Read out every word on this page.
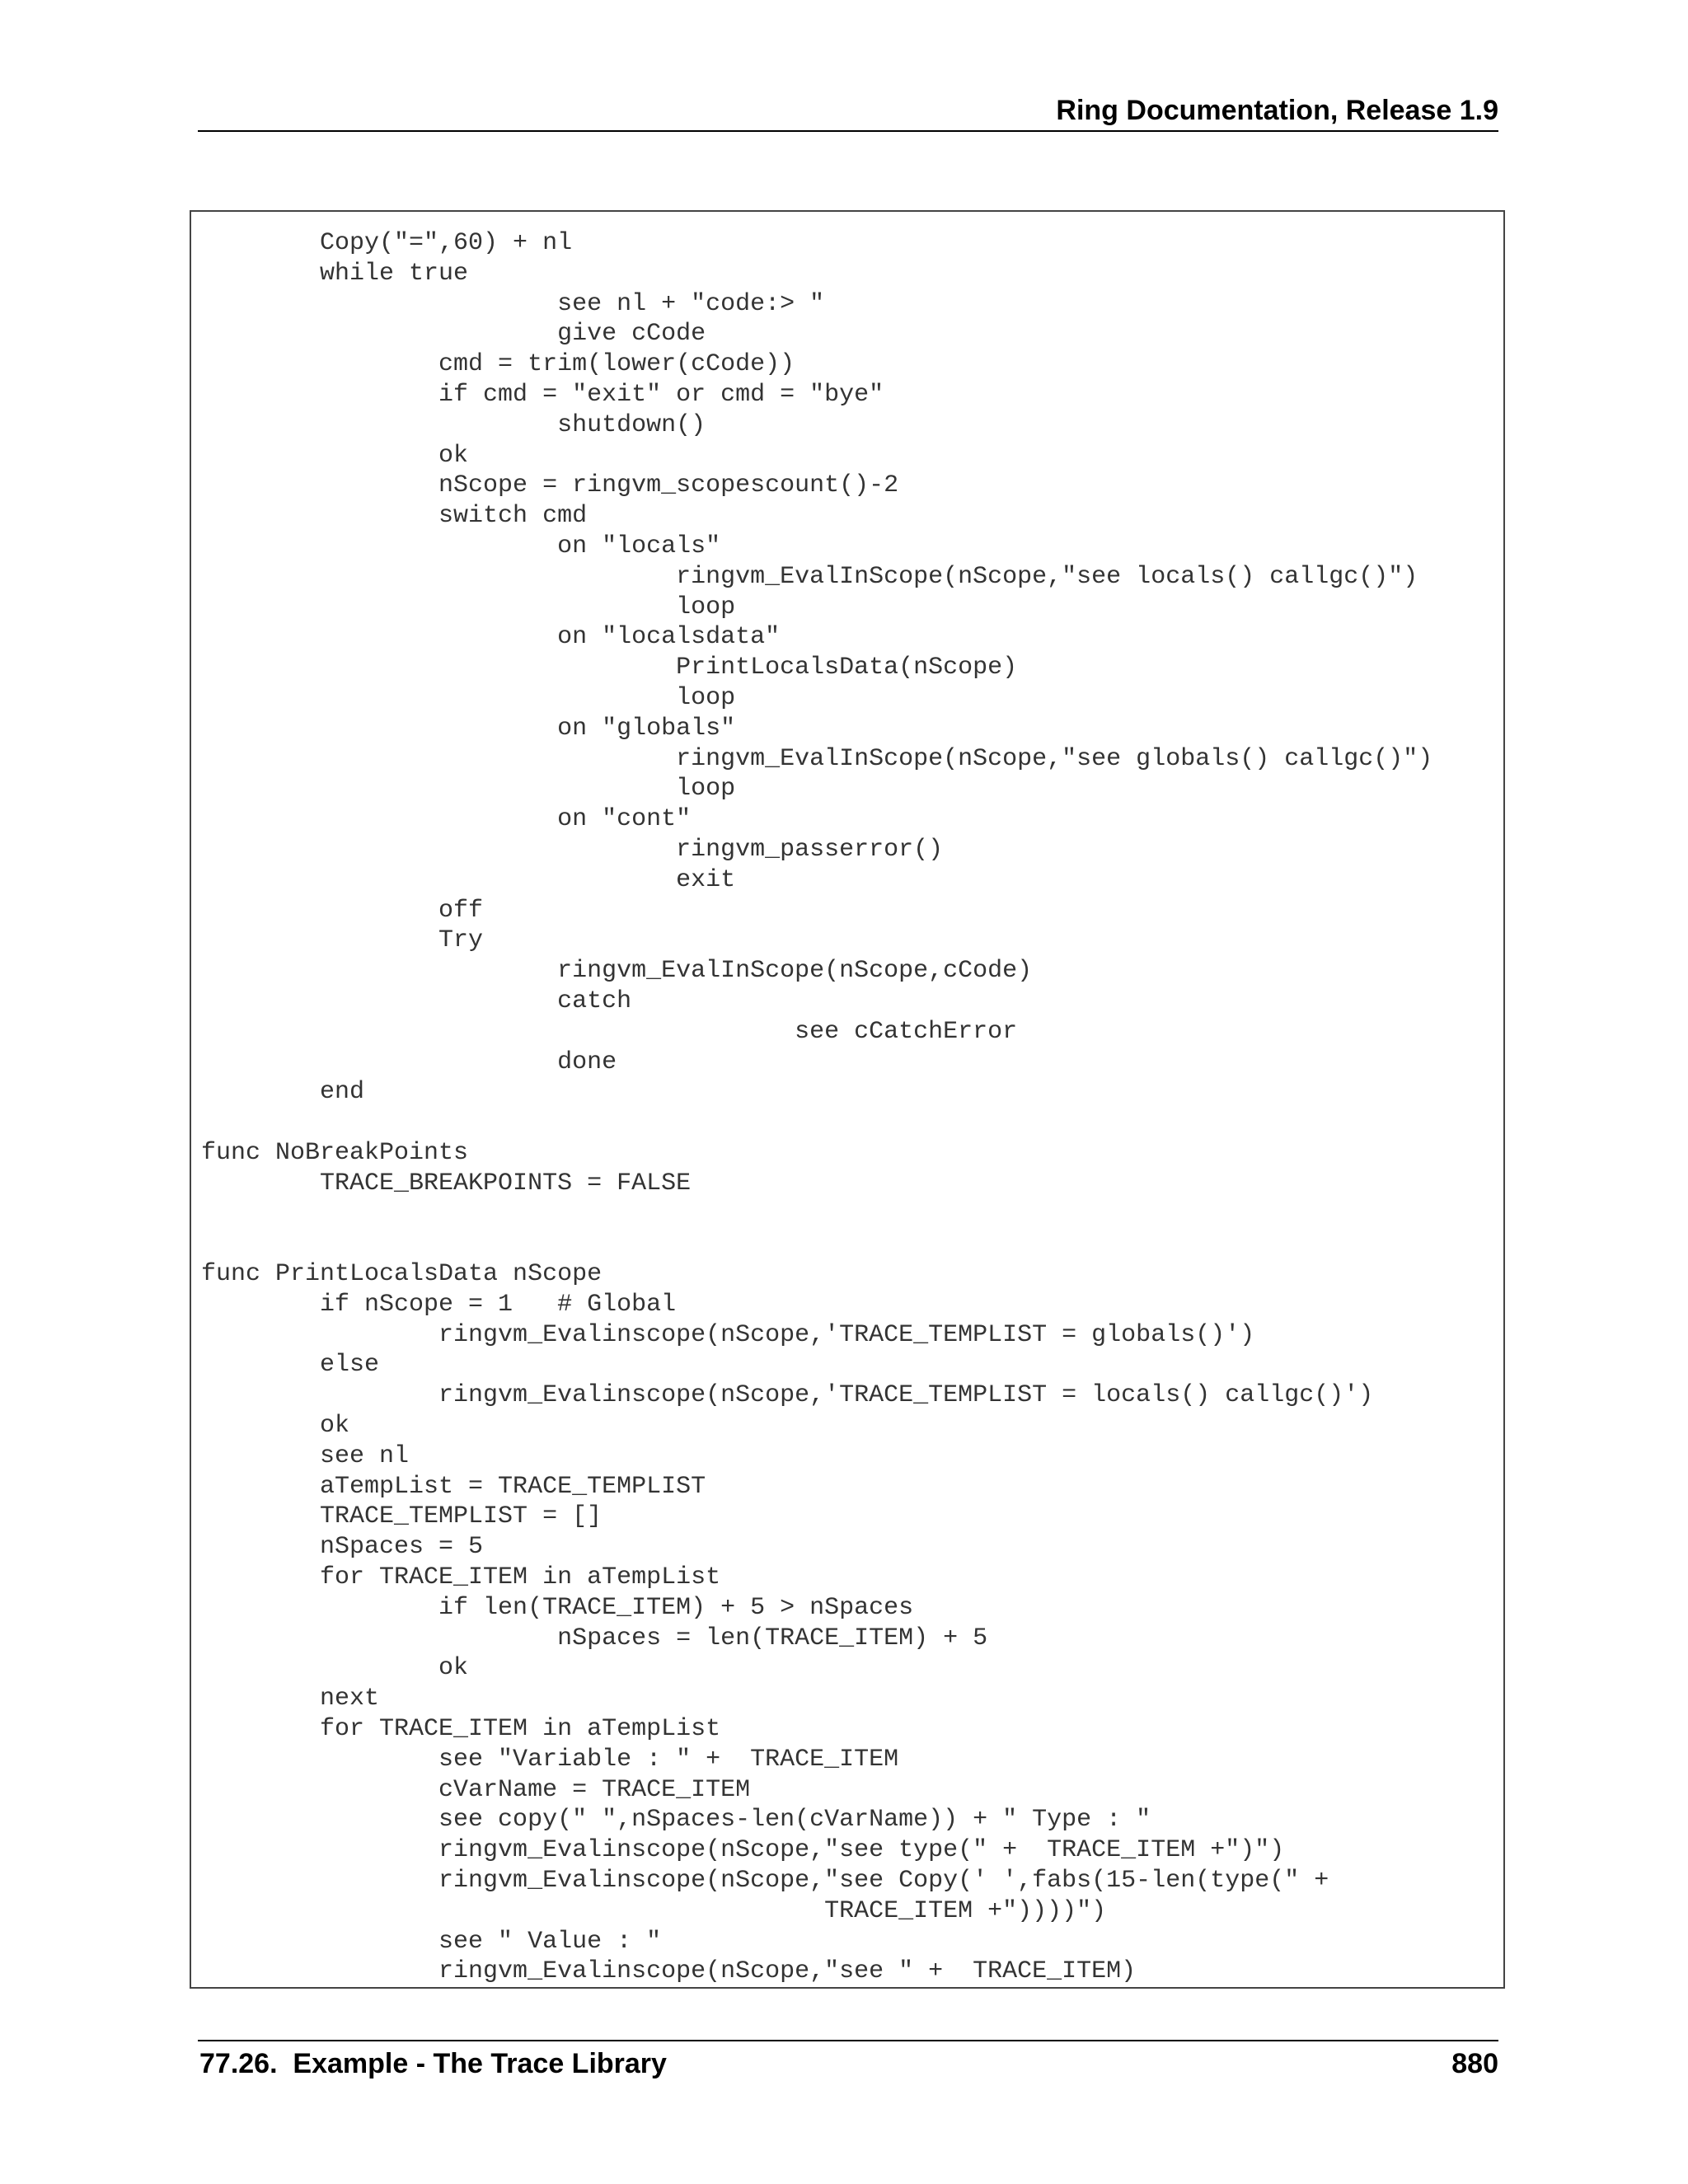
Ring Documentation, Release 1.9
Copy("=",60) + nl
while true
see nl + "code:> "
give cCode
cmd = trim(lower(cCode))
if cmd = "exit" or cmd = "bye"
shutdown()
ok
nScope = ringvm_scopescount()-2
switch cmd
on "locals"
ringvm_EvalInScope(nScope,"see locals() callgc()")
loop
on "localsdata"
PrintLocalsData(nScope)
loop
on "globals"
ringvm_EvalInScope(nScope,"see globals() callgc()")
loop
on "cont"
ringvm_passerror()
exit
off
Try
ringvm_EvalInScope(nScope,cCode)
catch
see cCatchError
done
end
func NoBreakPoints
TRACE_BREAKPOINTS = FALSE
func PrintLocalsData nScope
if nScope = 1   # Global
ringvm_Evalinscope(nScope,'TRACE_TEMPLIST = globals()')
else
ringvm_Evalinscope(nScope,'TRACE_TEMPLIST = locals() callgc()')
ok
see nl
aTempList = TRACE_TEMPLIST
TRACE_TEMPLIST = []
nSpaces = 5
for TRACE_ITEM in aTempList
if len(TRACE_ITEM) + 5 > nSpaces
nSpaces = len(TRACE_ITEM) + 5
ok
next
for TRACE_ITEM in aTempList
see "Variable : " +  TRACE_ITEM
cVarName = TRACE_ITEM
see copy(" ",nSpaces-len(cVarName)) + " Type : "
ringvm_Evalinscope(nScope,"see type(" +  TRACE_ITEM +")")
ringvm_Evalinscope(nScope,"see Copy(' ',fabs(15-len(type(" +
TRACE_ITEM +"))))")
see " Value : "
ringvm_Evalinscope(nScope,"see " +  TRACE_ITEM)
77.26.  Example - The Trace Library	880
